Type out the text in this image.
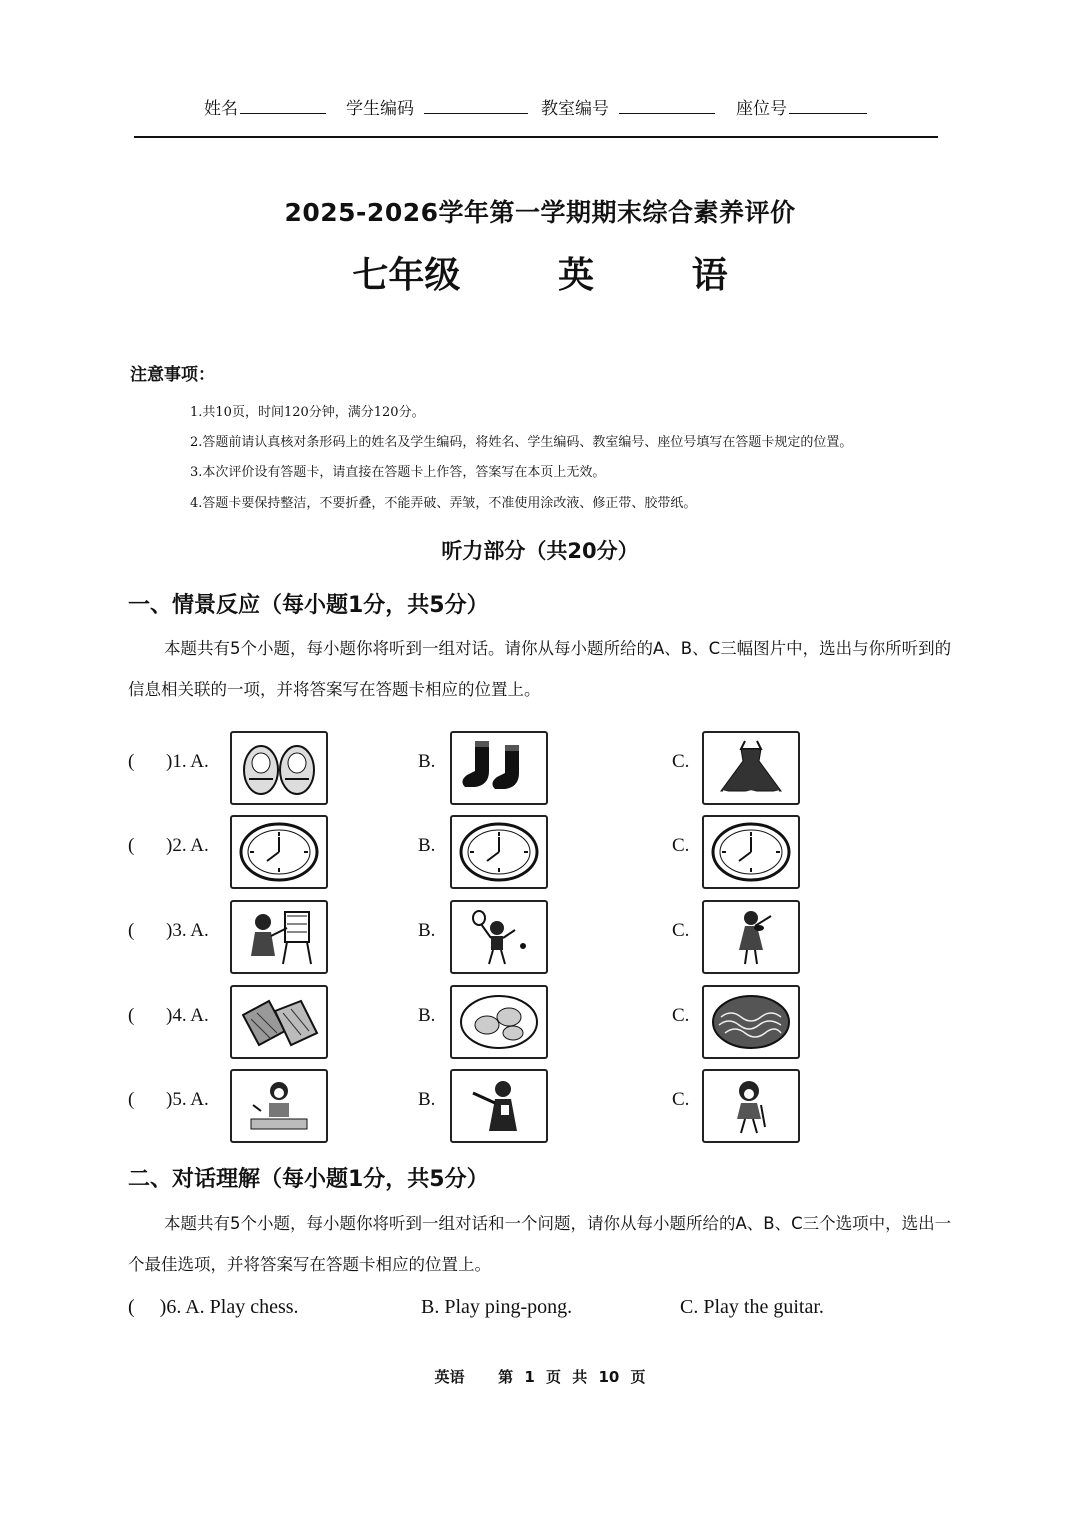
姓名	学生编码	教室编号	座位号
2025-2026学年第一学期期末综合素养评价
七年级   英   语
注意事项：
1.共10页，时间120分钟，满分120分。
2.答题前请认真核对条形码上的姓名及学生编码，将姓名、学生编码、教室编号、座位号填写在答题卡规定的位置。
3.本次评价设有答题卡，请直接在答题卡上作答，答案写在本页上无效。
4.答题卡要保持整洁，不要折叠，不能弄破、弄皱，不准使用涂改液、修正带、胶带纸。
听力部分（共20分）
一、情景反应（每小题1分，共5分）
本题共有5个小题，每小题你将听到一组对话。请你从每小题所给的A、B、C三幅图片中，选出与你所听到的信息相关联的一项，并将答案写在答题卡相应的位置上。
( )1. A.	B.	C.
( )2. A.	B.	C.
( )3. A.	B.	C.
( )4. A.	B.	C.
( )5. A.	B.	C.
二、对话理解（每小题1分，共5分）
本题共有5个小题，每小题你将听到一组对话和一个问题，请你从每小题所给的A、B、C三个选项中，选出一个最佳选项，并将答案写在答题卡相应的位置上。
(     )6. A. Play chess.	B. Play ping-pong.	C. Play the guitar.
英语   第 1 页 共 10 页
